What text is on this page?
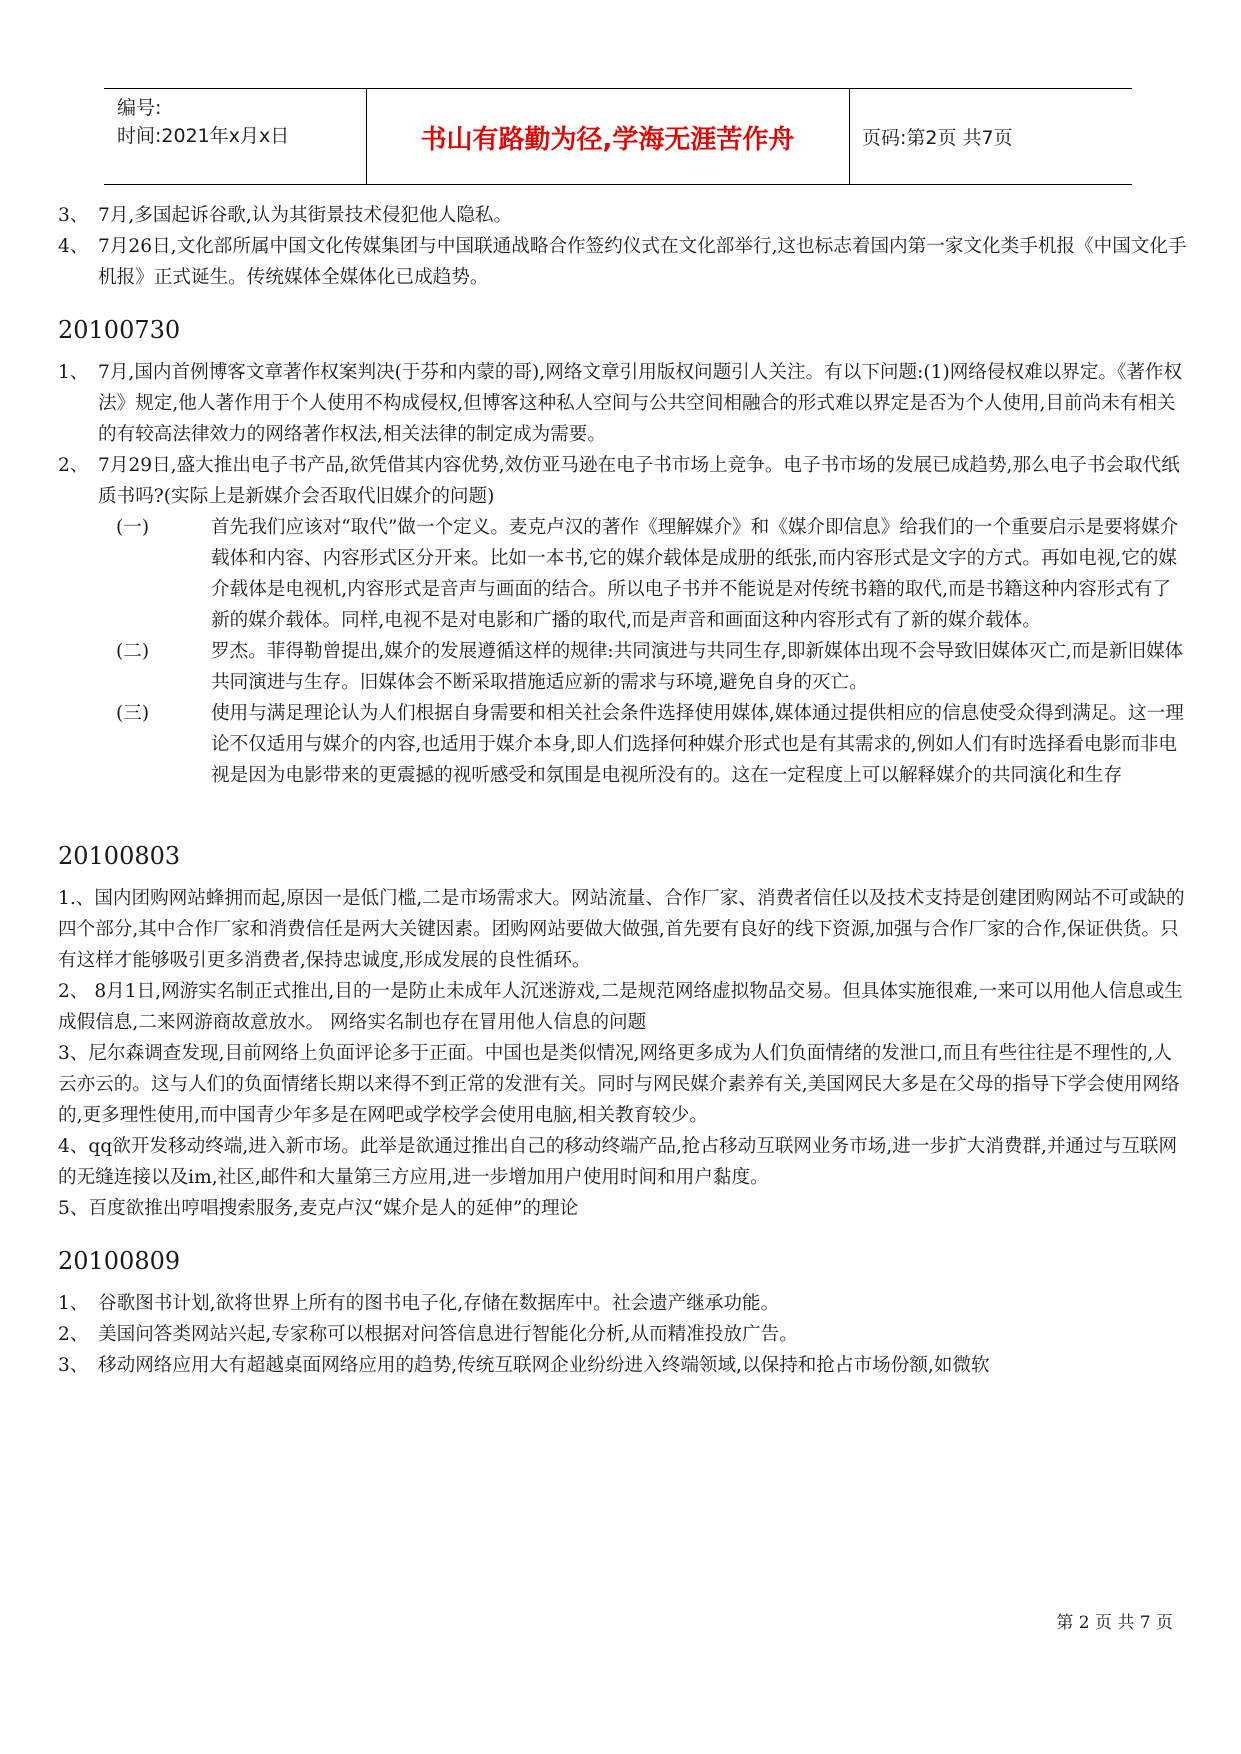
编号:
时间:2021年x月x日	书山有路勤为径,学海无涯苦作舟	页码:第2页 共7页
3、 7月,多国起诉谷歌,认为其街景技术侵犯他人隐私。
4、 7月26日,文化部所属中国文化传媒集团与中国联通战略合作签约仪式在文化部举行,这也标志着国内第一家文化类手机报《中国文化手机报》正式诞生。传统媒体全媒体化已成趋势。
20100730
1、 7月,国内首例博客文章著作权案判决(于芬和内蒙的哥),网络文章引用版权问题引人关注。有以下问题:(1)网络侵权难以界定。《著作权法》规定,他人著作用于个人使用不构成侵权,但博客这种私人空间与公共空间相融合的形式难以界定是否为个人使用,目前尚未有相关的有较高法律效力的网络著作权法,相关法律的制定成为需要。
2、 7月29日,盛大推出电子书产品,欲凭借其内容优势,效仿亚马逊在电子书市场上竞争。电子书市场的发展已成趋势,那么电子书会取代纸质书吗?(实际上是新媒介会否取代旧媒介的问题)
(一)	首先我们应该对“取代”做一个定义。麦克卢汉的著作《理解媒介》和《媒介即信息》给我们的一个重要启示是要将媒介载体和内容、内容形式区分开来。比如一本书,它的媒介载体是成册的纸张,而内容形式是文字的方式。再如电视,它的媒介载体是电视机,内容形式是音声与画面的结合。所以电子书并不能说是对传统书籍的取代,而是书籍这种内容形式有了新的媒介载体。同样,电视不是对电影和广播的取代,而是声音和画面这种内容形式有了新的媒介载体。
(二)	罗杰。菲得勒曾提出,媒介的发展遵循这样的规律:共同演进与共同生存,即新媒体出现不会导致旧媒体灭亡,而是新旧媒体共同演进与生存。旧媒体会不断采取措施适应新的需求与环境,避免自身的灭亡。
(三)	使用与满足理论认为人们根据自身需要和相关社会条件选择使用媒体,媒体通过提供相应的信息使受众得到满足。这一理论不仅适用与媒介的内容,也适用于媒介本身,即人们选择何种媒介形式也是有其需求的,例如人们有时选择看电影而非电视是因为电影带来的更震撼的视听感受和氛围是电视所没有的。这在一定程度上可以解释媒介的共同演化和生存
20100803
1.、国内团购网站蜂拥而起,原因一是低门槛,二是市场需求大。网站流量、合作厂家、消费者信任以及技术支持是创建团购网站不可或缺的四个部分,其中合作厂家和消费信任是两大关键因素。团购网站要做大做强,首先要有良好的线下资源,加强与合作厂家的合作,保证供货。只有这样才能够吸引更多消费者,保持忠诚度,形成发展的良性循环。
2、 8月1日,网游实名制正式推出,目的一是防止未成年人沉迷游戏,二是规范网络虚拟物品交易。但具体实施很难,一来可以用他人信息或生成假信息,二来网游商故意放水。 网络实名制也存在冒用他人信息的问题
3、尼尔森调查发现,目前网络上负面评论多于正面。中国也是类似情况,网络更多成为人们负面情绪的发泄口,而且有些往往是不理性的,人云亦云的。这与人们的负面情绪长期以来得不到正常的发泄有关。同时与网民媒介素养有关,美国网民大多是在父母的指导下学会使用网络的,更多理性使用,而中国青少年多是在网吧或学校学会使用电脑,相关教育较少。
4、qq欲开发移动终端,进入新市场。此举是欲通过推出自己的移动终端产品,抢占移动互联网业务市场,进一步扩大消费群,并通过与互联网的无缝连接以及im,社区,邮件和大量第三方应用,进一步增加用户使用时间和用户黏度。
5、百度欲推出哼唱搜索服务,麦克卢汉“媒介是人的延伸”的理论
20100809
1、 谷歌图书计划,欲将世界上所有的图书电子化,存储在数据库中。社会遗产继承功能。
2、 美国问答类网站兴起,专家称可以根据对问答信息进行智能化分析,从而精准投放广告。
3、 移动网络应用大有超越桌面网络应用的趋势,传统互联网企业纷纷进入终端领域,以保持和抢占市场份额,如微软
第 2 页 共 7 页
